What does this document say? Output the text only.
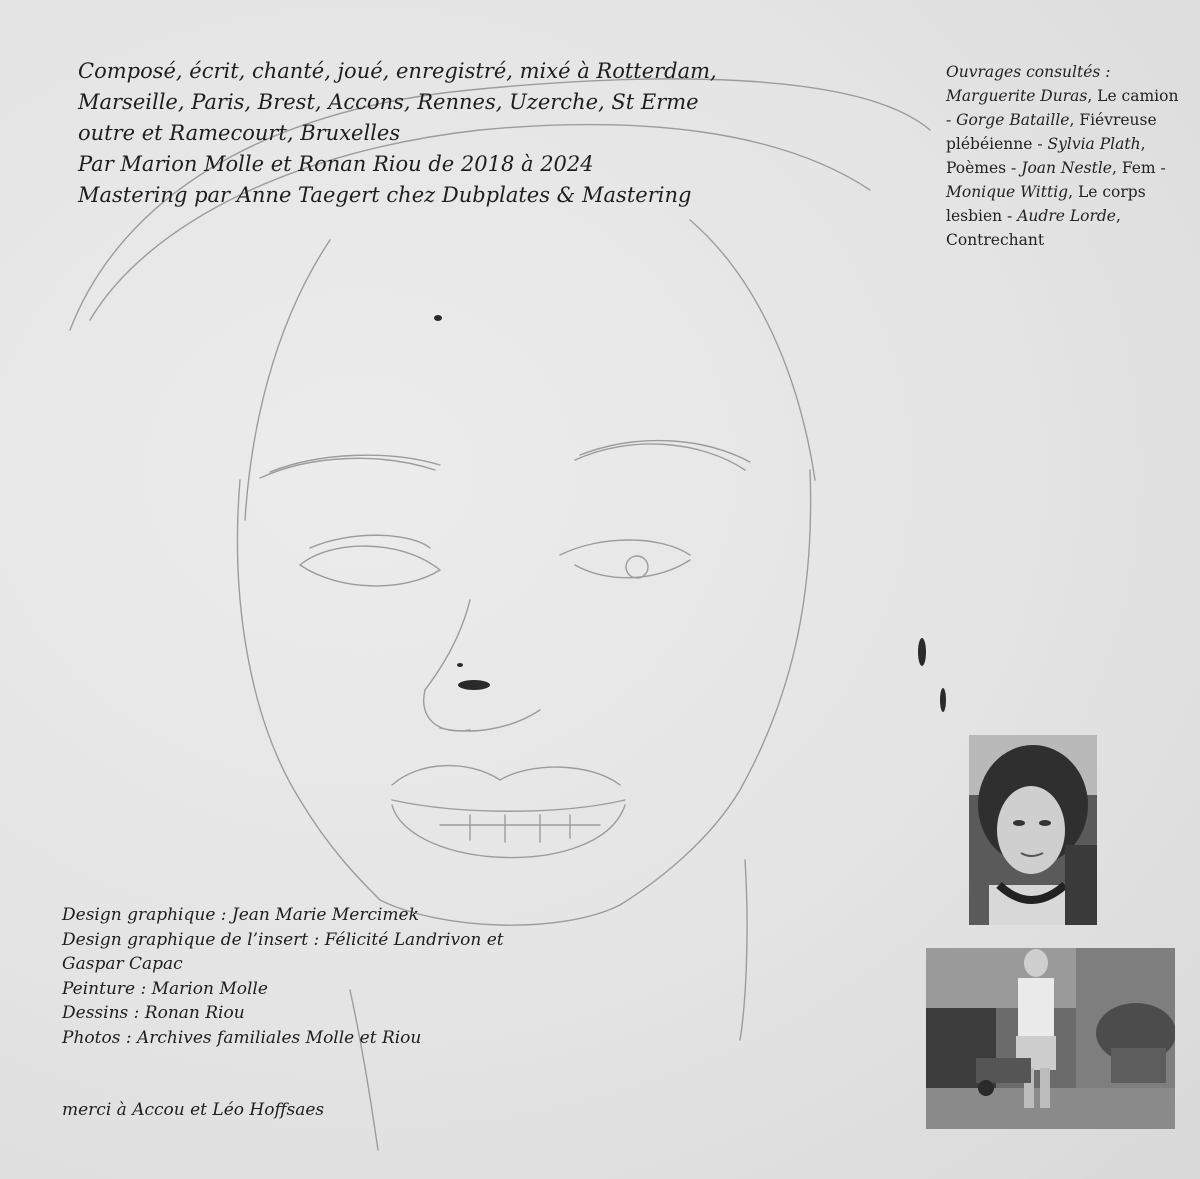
Composé, écrit, chanté, joué, enregistré, mixé à Rotterdam,
Marseille, Paris, Brest, Accons, Rennes, Uzerche, St Erme
outre et Ramecourt, Bruxelles
Par Marion Molle et Ronan Riou de 2018 à 2024
Mastering par Anne Taegert chez Dubplates & Mastering
Ouvrages consultés :
Marguerite Duras, Le camion - Gorge Bataille, Fiévreuse plébéienne - Sylvia Plath, Poèmes - Joan Nestle, Fem - Monique Wittig, Le corps lesbien - Audre Lorde, Contrechant
Design graphique : Jean Marie Mercimek
Design graphique de l’insert : Félicité Landrivon et
Gaspar Capac
Peinture : Marion Molle
Dessins : Ronan Riou
Photos : Archives familiales Molle et Riou
merci à Accou et Léo Hoffsaes
